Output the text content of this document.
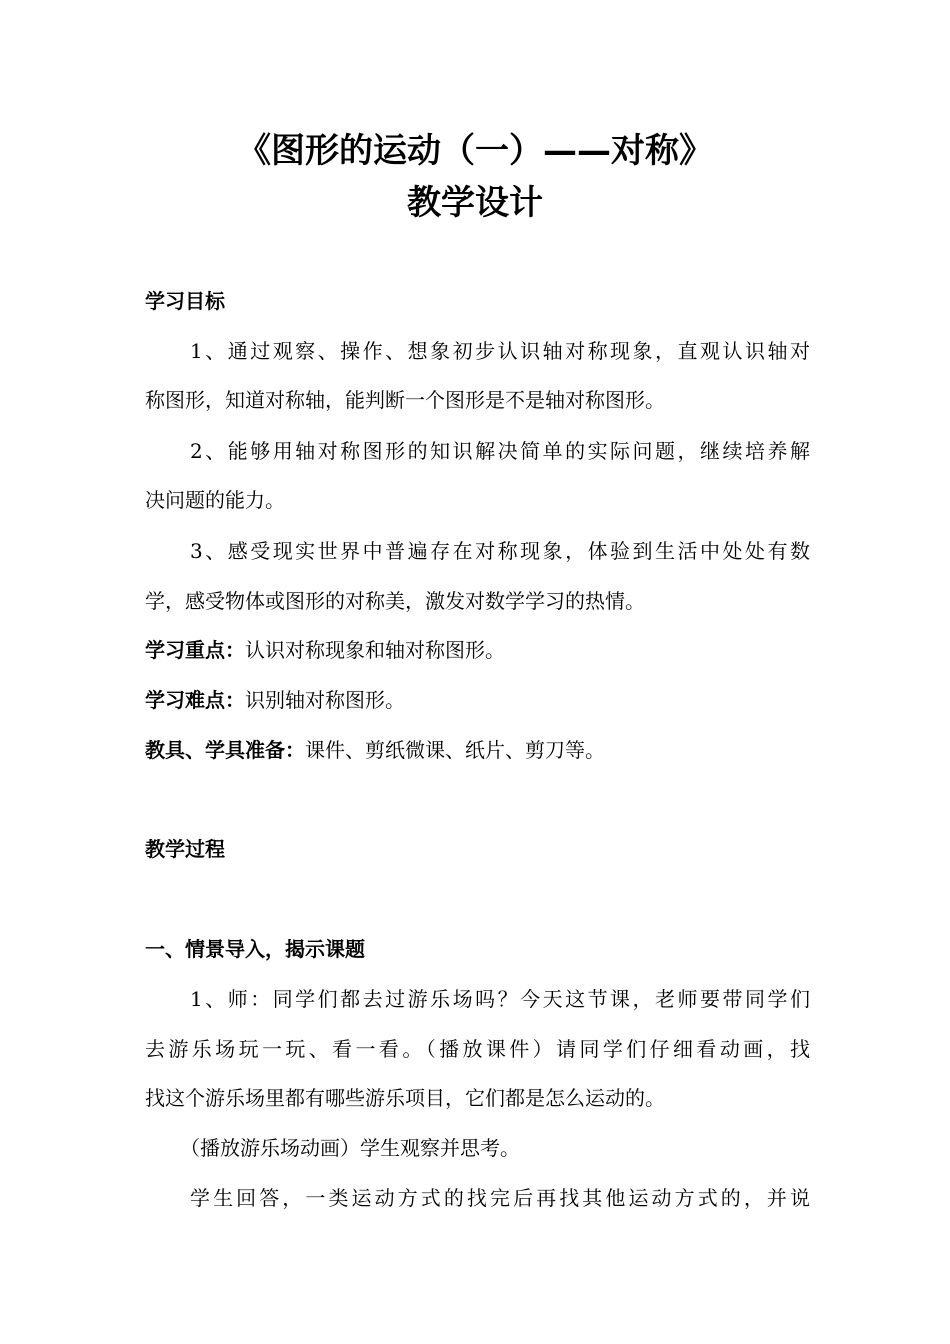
《图形的运动（一）——对称》
教学设计
学习目标
1、通过观察、操作、想象初步认识轴对称现象，直观认识轴对
称图形，知道对称轴，能判断一个图形是不是轴对称图形。
2、能够用轴对称图形的知识解决简单的实际问题，继续培养解
决问题的能力。
3、感受现实世界中普遍存在对称现象，体验到生活中处处有数
学，感受物体或图形的对称美，激发对数学学习的热情。
学习重点：认识对称现象和轴对称图形。
学习难点：识别轴对称图形。
教具、学具准备：课件、剪纸微课、纸片、剪刀等。
教学过程
一、情景导入，揭示课题
1、师：同学们都去过游乐场吗？今天这节课，老师要带同学们
去游乐场玩一玩、看一看。（播放课件）请同学们仔细看动画，找
找这个游乐场里都有哪些游乐项目，它们都是怎么运动的。
（播放游乐场动画）学生观察并思考。
学生回答，一类运动方式的找完后再找其他运动方式的，并说
